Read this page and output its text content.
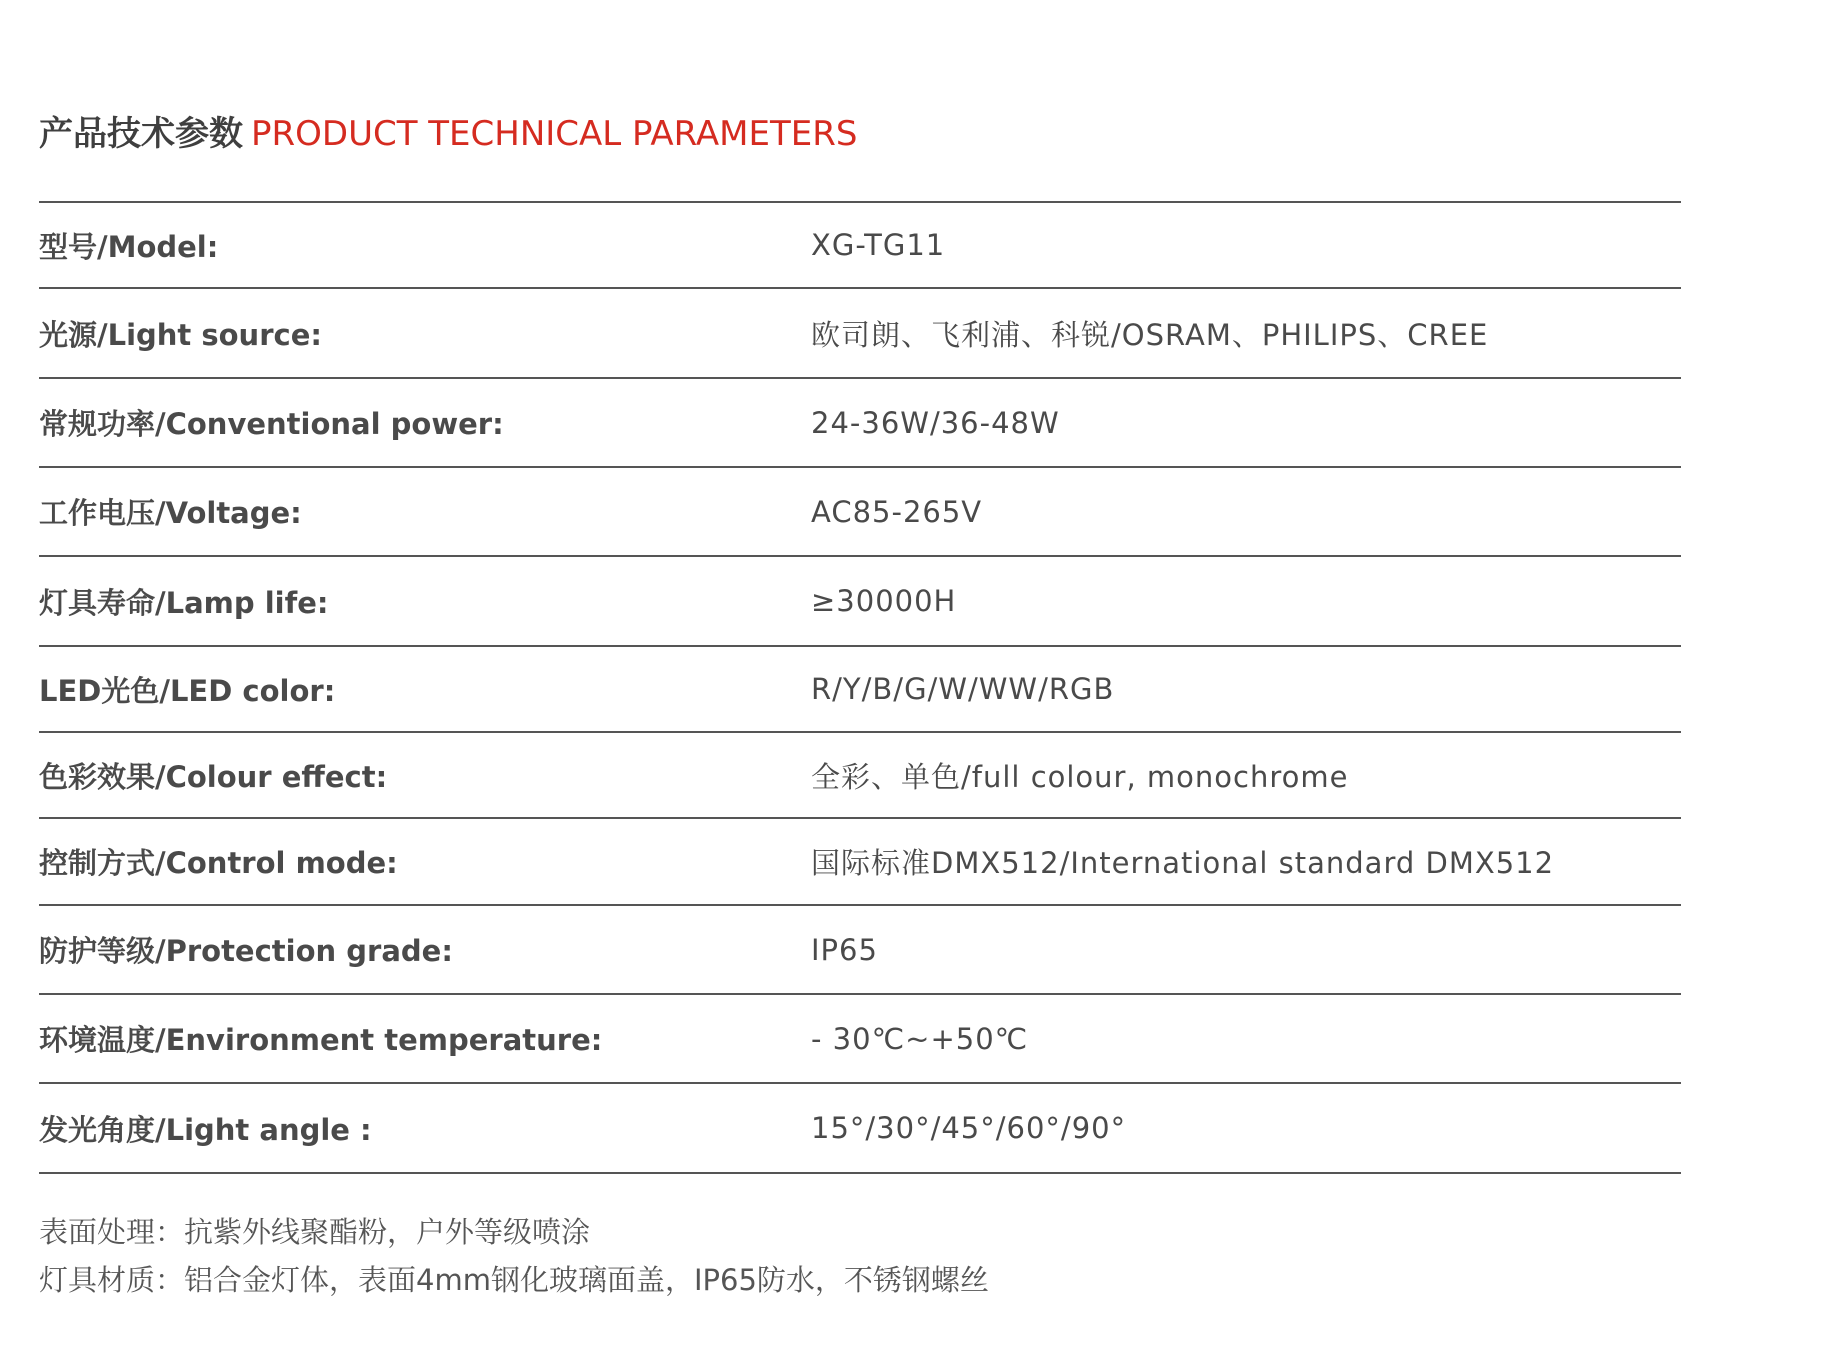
产品技术参数 PRODUCT TECHNICAL PARAMETERS
型号/Model:	XG-TG11
光源/Light source:	欧司朗、飞利浦、科锐/OSRAM、PHILIPS、CREE
常规功率/Conventional power:	24-36W/36-48W
工作电压/Voltage:	AC85-265V
灯具寿命/Lamp life:	≥30000H
LED光色/LED color:	R/Y/B/G/W/WW/RGB
色彩效果/Colour effect:	全彩、单色/full colour, monochrome
控制方式/Control mode:	国际标准DMX512/International standard DMX512
防护等级/Protection grade:	IP65
环境温度/Environment temperature:	- 30℃~+50℃
发光角度/Light angle :	15°/30°/45°/60°/90°
表面处理：抗紫外线聚酯粉，户外等级喷涂
灯具材质：铝合金灯体，表面4mm钢化玻璃面盖，IP65防水，不锈钢螺丝
